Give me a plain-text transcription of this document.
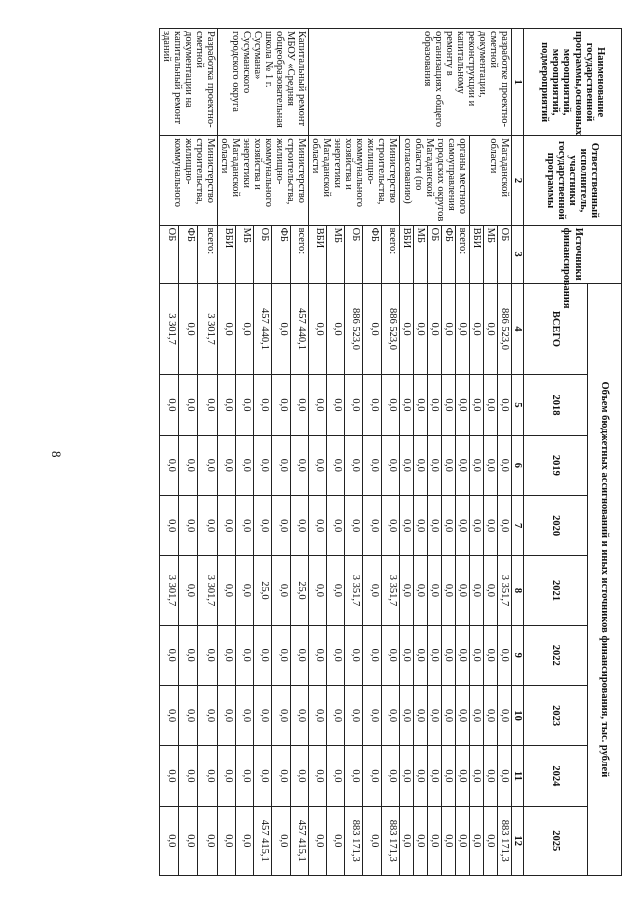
8
Наименование государственной программы,основных мероприятий, мероприятий, подмероприятий	Ответственный исполнитель, участники государственной программы	Источники финансирования	Объем бюджетных ассигнований и иных источников финансирования, тыс. рублей								
			ВСЕГО	2018	2019	2020	2021	2022	2023	2024	2025
1	2	3	4	5	6	7	8	9	10	11	12
разработке проектно-сметной документации, реконструкции и капитальному ремонту в организациях общего образования	Магаданской области	ОБ	886 523,0	0,0	0,0	0,0	3 351,7	0,0	0,0	0,0	883 171,3
		МБ	0,0	0,0	0,0	0,0	0,0	0,0	0,0	0,0	0,0
		ВБИ	0,0	0,0	0,0	0,0	0,0	0,0	0,0	0,0	0,0
	органы местного самоуправления городских округов Магаданской области (по согласованию)	всего:	0,0	0,0	0,0	0,0	0,0	0,0	0,0	0,0	0,0
		ФБ	0,0	0,0	0,0	0,0	0,0	0,0	0,0	0,0	0,0
		ОБ	0,0	0,0	0,0	0,0	0,0	0,0	0,0	0,0	0,0
		МБ	0,0	0,0	0,0	0,0	0,0	0,0	0,0	0,0	0,0
		ВБИ	0,0	0,0	0,0	0,0	0,0	0,0	0,0	0,0	0,0
	Министерство строительства, жилищно-коммунального хозяйства и энергетики Магаданской области	всего:	886 523,0	0,0	0,0	0,0	3 351,7	0,0	0,0	0,0	883 171,3
		ФБ	0,0	0,0	0,0	0,0	0,0	0,0	0,0	0,0	0,0
		ОБ	886 523,0	0,0	0,0	0,0	3 351,7	0,0	0,0	0,0	883 171,3
		МБ	0,0	0,0	0,0	0,0	0,0	0,0	0,0	0,0	0,0
		ВБИ	0,0	0,0	0,0	0,0	0,0	0,0	0,0	0,0	0,0
Капитальный ремонт МБОУ «Средняя общеобразовательная школа № 1 г. Сусумана» Сусуманского городского округа	Министерство строительства, жилищно-коммунального хозяйства и энергетики Магаданской области	всего:	457 440,1	0,0	0,0	0,0	25,0	0,0	0,0	0,0	457 415,1
		ФБ	0,0	0,0	0,0	0,0	0,0	0,0	0,0	0,0	0,0
		ОБ	457 440,1	0,0	0,0	0,0	25,0	0,0	0,0	0,0	457 415,1
		МБ	0,0	0,0	0,0	0,0	0,0	0,0	0,0	0,0	0,0
		ВБИ	0,0	0,0	0,0	0,0	0,0	0,0	0,0	0,0	0,0
Разработка проектно-сметной документации на капитальный ремонт зданий	Министерство строительства, жилищно-коммунального	всего:	3 301,7	0,0	0,0	0,0	3 301,7	0,0	0,0	0,0	0,0
		ФБ	0,0	0,0	0,0	0,0	0,0	0,0	0,0	0,0	0,0
		ОБ	3 301,7	0,0	0,0	0,0	3 301,7	0,0	0,0	0,0	0,0
